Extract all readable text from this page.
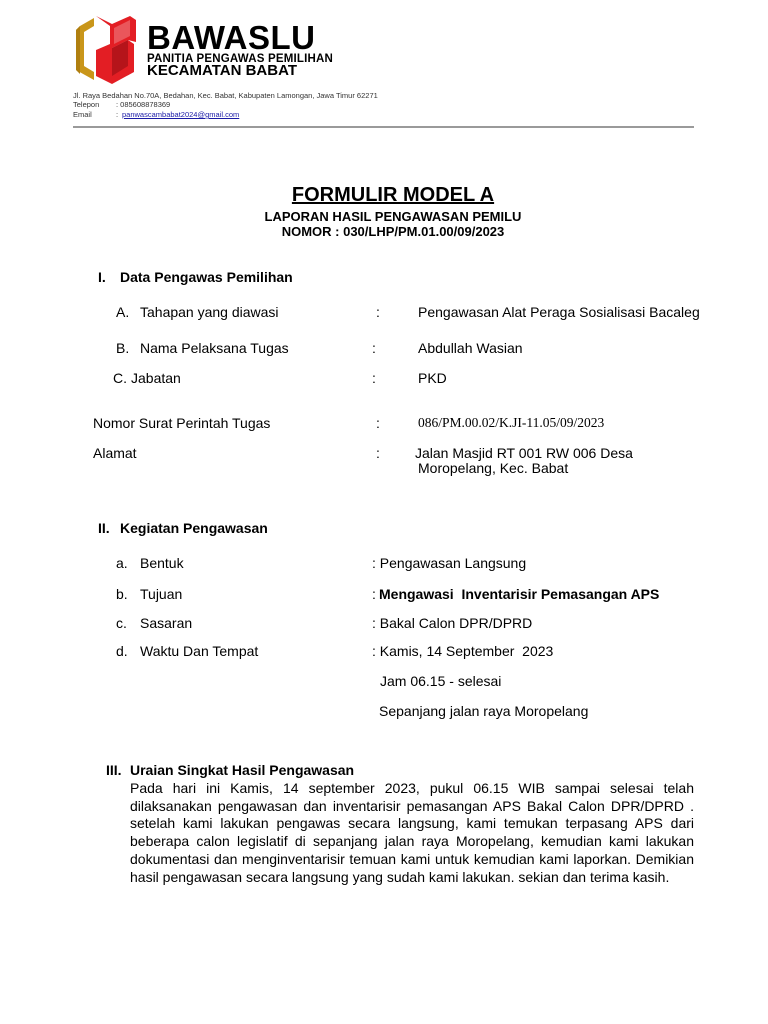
BAWASLU
PANITIA PENGAWAS PEMILIHAN
KECAMATAN BABAT
Jl. Raya Bedahan No.70A, Bedahan, Kec. Babat, Kabupaten Lamongan, Jawa Timur 62271
Telepon : 085608878369
Email	: panwascambabat2024@gmail.com
FORMULIR MODEL A
LAPORAN HASIL PENGAWASAN PEMILU
NOMOR : 030/LHP/PM.01.00/09/2023
I. Data Pengawas Pemilihan
A. Tahapan yang diawasi	:	Pengawasan Alat Peraga Sosialisasi Bacaleg
B. Nama Pelaksana Tugas	:	Abdullah Wasian
C. Jabatan	:	PKD
Nomor Surat Perintah Tugas	:	086/PM.00.02/K.JI-11.05/09/2023
Alamat	:	Jalan Masjid RT 001 RW 006 Desa
Moropelang, Kec. Babat
II. Kegiatan Pengawasan
a. Bentuk	: Pengawasan Langsung
b. Tujuan	: Mengawasi  Inventarisir Pemasangan APS
c. Sasaran	: Bakal Calon DPR/DPRD
d. Waktu Dan Tempat	: Kamis, 14 September  2023
Jam 06.15 - selesai
Sepanjang jalan raya Moropelang
III. Uraian Singkat Hasil Pengawasan
Pada hari ini Kamis, 14 september 2023, pukul 06.15 WIB sampai selesai telah dilaksanakan pengawasan dan inventarisir pemasangan APS Bakal Calon DPR/DPRD . setelah kami lakukan pengawas secara langsung, kami temukan terpasang APS dari beberapa calon legislatif di sepanjang jalan raya Moropelang, kemudian kami lakukan dokumentasi dan menginventarisir temuan kami untuk kemudian kami laporkan. Demikian hasil pengawasan secara langsung yang sudah kami lakukan. sekian dan terima kasih.
